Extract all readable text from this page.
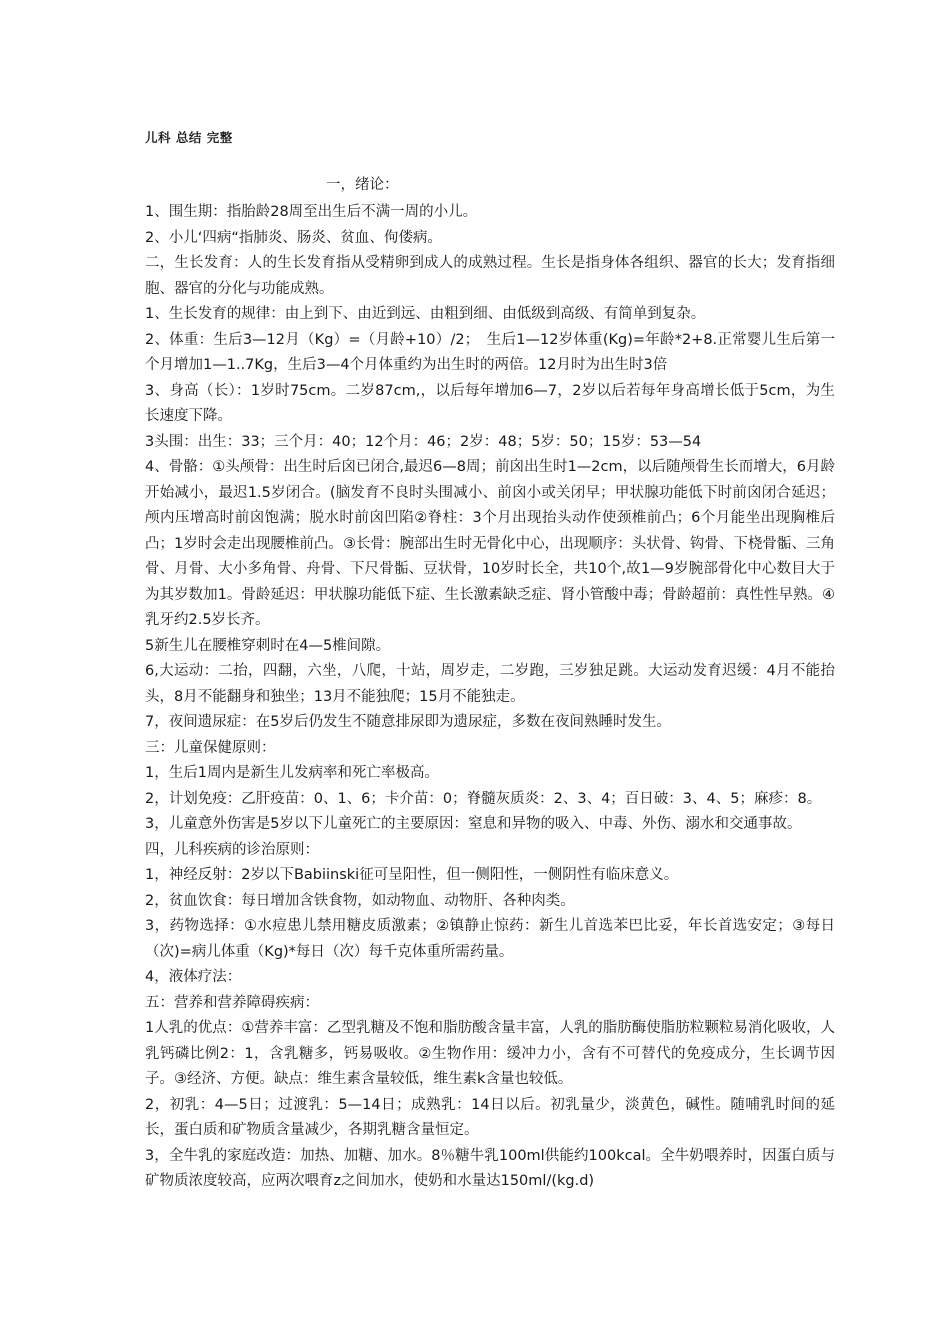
儿科 总结 完整
一，绪论：

1、围生期：指胎龄28周至出生后不满一周的小儿。

2、小儿‘四病“指肺炎、肠炎、贫血、佝偻病。

二，生长发育：人的生长发育指从受精卵到成人的成熟过程。生长是指身体各组织、器官的长大；发育指细胞、器官的分化与功能成熟。

1、生长发育的规律：由上到下、由近到远、由粗到细、由低级到高级、有简单到复杂。

2、体重：生后3—12月（Kg）=（月龄+10）/2；　生后1—12岁体重(Kg)=年龄*2+8.正常婴儿生后第一个月增加1—1..7Kg，生后3—4个月体重约为出生时的两倍。12月时为出生时3倍

3、身高（长）：1岁时75cm。二岁87cm,，以后每年增加6—7，2岁以后若每年身高增长低于5cm，为生长速度下降。

3头围：出生：33；三个月：40；12个月：46；2岁：48；5岁：50；15岁：53—54

4、骨骼：①头颅骨：出生时后囟已闭合,最迟6—8周；前囟出生时1—2cm，以后随颅骨生长而增大，6月龄开始减小，最迟1.5岁闭合。(脑发育不良时头围减小、前囟小或关闭早；甲状腺功能低下时前囟闭合延迟；颅内压增高时前囟饱满；脱水时前囟凹陷②脊柱：3个月出现抬头动作使颈椎前凸；6个月能坐出现胸椎后凸；1岁时会走出现腰椎前凸。③长骨：腕部出生时无骨化中心，出现顺序：头状骨、钩骨、下桡骨骺、三角骨、月骨、大小多角骨、舟骨、下尺骨骺、豆状骨，10岁时长全，共10个,故1—9岁腕部骨化中心数目大于为其岁数加1。骨龄延迟：甲状腺功能低下症、生长激素缺乏症、肾小管酸中毒；骨龄超前：真性性早熟。④乳牙约2.5岁长齐。

5新生儿在腰椎穿刺时在4—5椎间隙。

6,大运动：二抬，四翻，六坐，八爬，十站，周岁走，二岁跑，三岁独足跳。大运动发育迟缓：4月不能抬头，8月不能翻身和独坐；13月不能独爬；15月不能独走。

7，夜间遗尿症：在5岁后仍发生不随意排尿即为遗尿症，多数在夜间熟睡时发生。

三：儿童保健原则：

1，生后1周内是新生儿发病率和死亡率极高。

2，计划免疫：乙肝疫苗：0、1、6；卡介苗：0；脊髓灰质炎：2、3、4；百日破：3、4、5；麻疹：8。

3，儿童意外伤害是5岁以下儿童死亡的主要原因：窒息和异物的吸入、中毒、外伤、溺水和交通事故。

四，儿科疾病的诊治原则：

1，神经反射：2岁以下Babiinski征可呈阳性，但一侧阳性，一侧阴性有临床意义。

2，贫血饮食：每日增加含铁食物，如动物血、动物肝、各种肉类。

3，药物选择：①水痘患儿禁用糖皮质激素；②镇静止惊药：新生儿首选苯巴比妥，年长首选安定；③每日（次)=病儿体重（Kg)*每日（次）每千克体重所需药量。

4，液体疗法：

五：营养和营养障碍疾病：

1人乳的优点：①营养丰富：乙型乳糖及不饱和脂肪酸含量丰富，人乳的脂肪酶使脂肪粒颗粒易消化吸收，人乳钙磷比例2：1，含乳糖多，钙易吸收。②生物作用：缓冲力小，含有不可替代的免疫成分，生长调节因子。③经济、方便。缺点：维生素含量较低，维生素k含量也较低。

2，初乳：4—5日；过渡乳：5—14日；成熟乳：14日以后。初乳量少，淡黄色，碱性。随哺乳时间的延长，蛋白质和矿物质含量减少，各期乳糖含量恒定。

3，全牛乳的家庭改造：加热、加糖、加水。8％糖牛乳100ml供能约100kcal。全牛奶喂养时，因蛋白质与矿物质浓度较高，应两次喂育z之间加水，使奶和水量达150ml/(kg.d)
